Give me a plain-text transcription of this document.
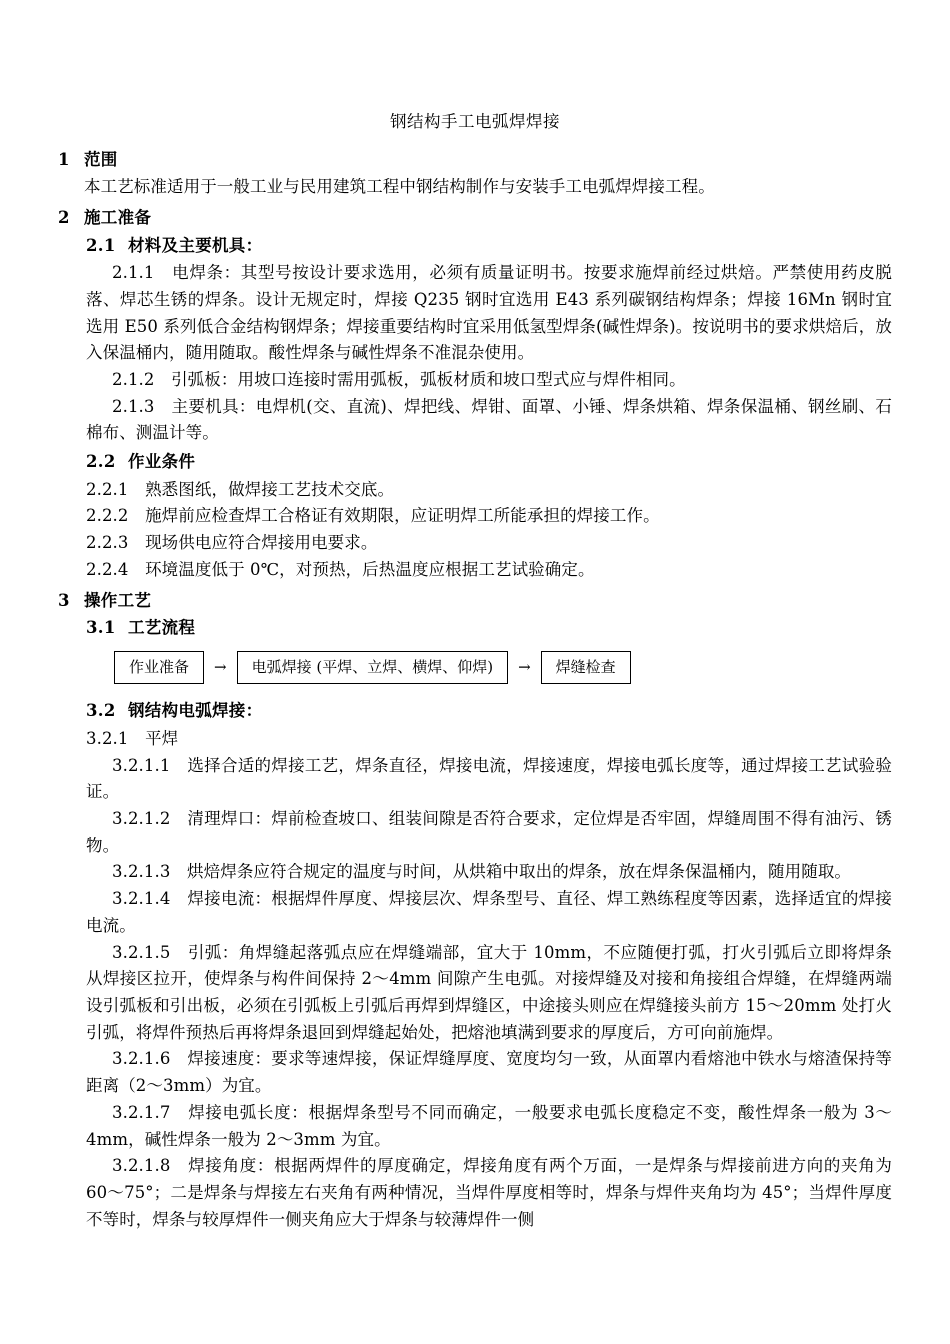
钢结构手工电弧焊焊接
1 范围

本工艺标准适用于一般工业与民用建筑工程中钢结构制作与安装手工电弧焊焊接工程。

2 施工准备
2.1 材料及主要机具：

2.1.1　电焊条：其型号按设计要求选用，必须有质量证明书。按要求施焊前经过烘焙。严禁使用药皮脱落、焊芯生锈的焊条。设计无规定时，焊接 Q235 钢时宜选用 E43 系列碳钢结构焊条；焊接 16Mn 钢时宜选用 E50 系列低合金结构钢焊条；焊接重要结构时宜采用低氢型焊条(碱性焊条)。按说明书的要求烘焙后，放入保温桶内，随用随取。酸性焊条与碱性焊条不准混杂使用。

2.1.2　引弧板：用坡口连接时需用弧板，弧板材质和坡口型式应与焊件相同。

2.1.3　主要机具：电焊机(交、直流)、焊把线、焊钳、面罩、小锤、焊条烘箱、焊条保温桶、钢丝刷、石棉布、测温计等。

2.2 作业条件

2.2.1　熟悉图纸，做焊接工艺技术交底。

2.2.2　施焊前应检查焊工合格证有效期限，应证明焊工所能承担的焊接工作。

2.2.3　现场供电应符合焊接用电要求。

2.2.4　环境温度低于 0℃，对预热，后热温度应根据工艺试验确定。

3 操作工艺
3.1 工艺流程
作业准备	→	电弧焊接 (平焊、立焊、横焊、仰焊)	→	焊缝检查
3.2 钢结构电弧焊接：

3.2.1　平焊

3.2.1.1　选择合适的焊接工艺，焊条直径，焊接电流，焊接速度，焊接电弧长度等，通过焊接工艺试验验证。

3.2.1.2　清理焊口：焊前检查坡口、组装间隙是否符合要求，定位焊是否牢固，焊缝周围不得有油污、锈物。

3.2.1.3　烘焙焊条应符合规定的温度与时间，从烘箱中取出的焊条，放在焊条保温桶内，随用随取。

3.2.1.4　焊接电流：根据焊件厚度、焊接层次、焊条型号、直径、焊工熟练程度等因素，选择适宜的焊接电流。

3.2.1.5　引弧：角焊缝起落弧点应在焊缝端部，宜大于 10mm，不应随便打弧，打火引弧后立即将焊条从焊接区拉开，使焊条与构件间保持 2～4mm 间隙产生电弧。对接焊缝及对接和角接组合焊缝，在焊缝两端设引弧板和引出板，必须在引弧板上引弧后再焊到焊缝区，中途接头则应在焊缝接头前方 15～20mm 处打火引弧，将焊件预热后再将焊条退回到焊缝起始处，把熔池填满到要求的厚度后，方可向前施焊。

3.2.1.6　焊接速度：要求等速焊接，保证焊缝厚度、宽度均匀一致，从面罩内看熔池中铁水与熔渣保持等距离（2～3mm）为宜。

3.2.1.7　焊接电弧长度：根据焊条型号不同而确定，一般要求电弧长度稳定不变，酸性焊条一般为 3～4mm，碱性焊条一般为 2～3mm 为宜。

3.2.1.8　焊接角度：根据两焊件的厚度确定，焊接角度有两个万面，一是焊条与焊接前进方向的夹角为 60～75°；二是焊条与焊接左右夹角有两种情况，当焊件厚度相等时，焊条与焊件夹角均为 45°；当焊件厚度不等时，焊条与较厚焊件一侧夹角应大于焊条与较薄焊件一侧
